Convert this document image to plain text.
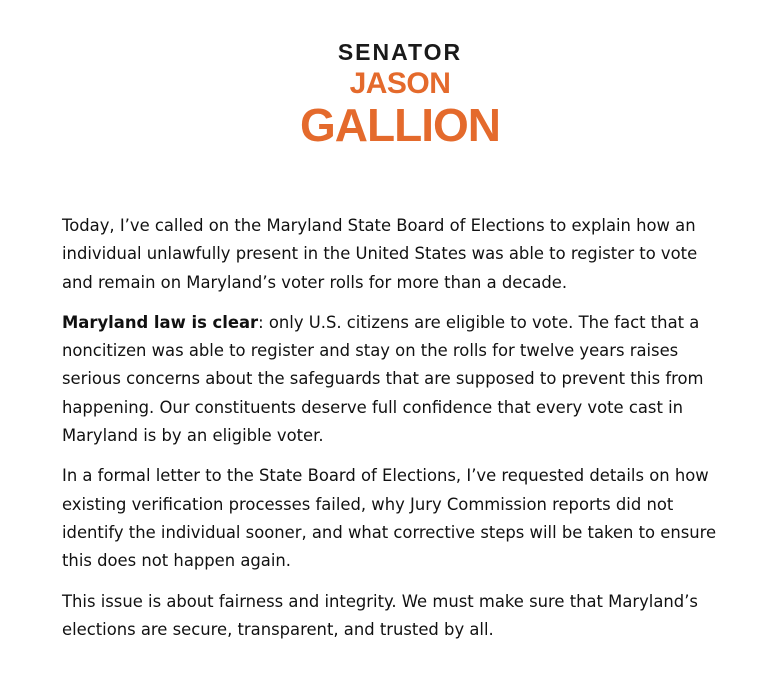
SENATOR
JASON
GALLION

Today, I’ve called on the Maryland State Board of Elections to explain how an individual unlawfully present in the United States was able to register to vote and remain on Maryland’s voter rolls for more than a decade.

Maryland law is clear: only U.S. citizens are eligible to vote. The fact that a noncitizen was able to register and stay on the rolls for twelve years raises serious concerns about the safeguards that are supposed to prevent this from happening. Our constituents deserve full confidence that every vote cast in Maryland is by an eligible voter.

In a formal letter to the State Board of Elections, I’ve requested details on how existing verification processes failed, why Jury Commission reports did not identify the individual sooner, and what corrective steps will be taken to ensure this does not happen again.

This issue is about fairness and integrity. We must make sure that Maryland’s elections are secure, transparent, and trusted by all.
